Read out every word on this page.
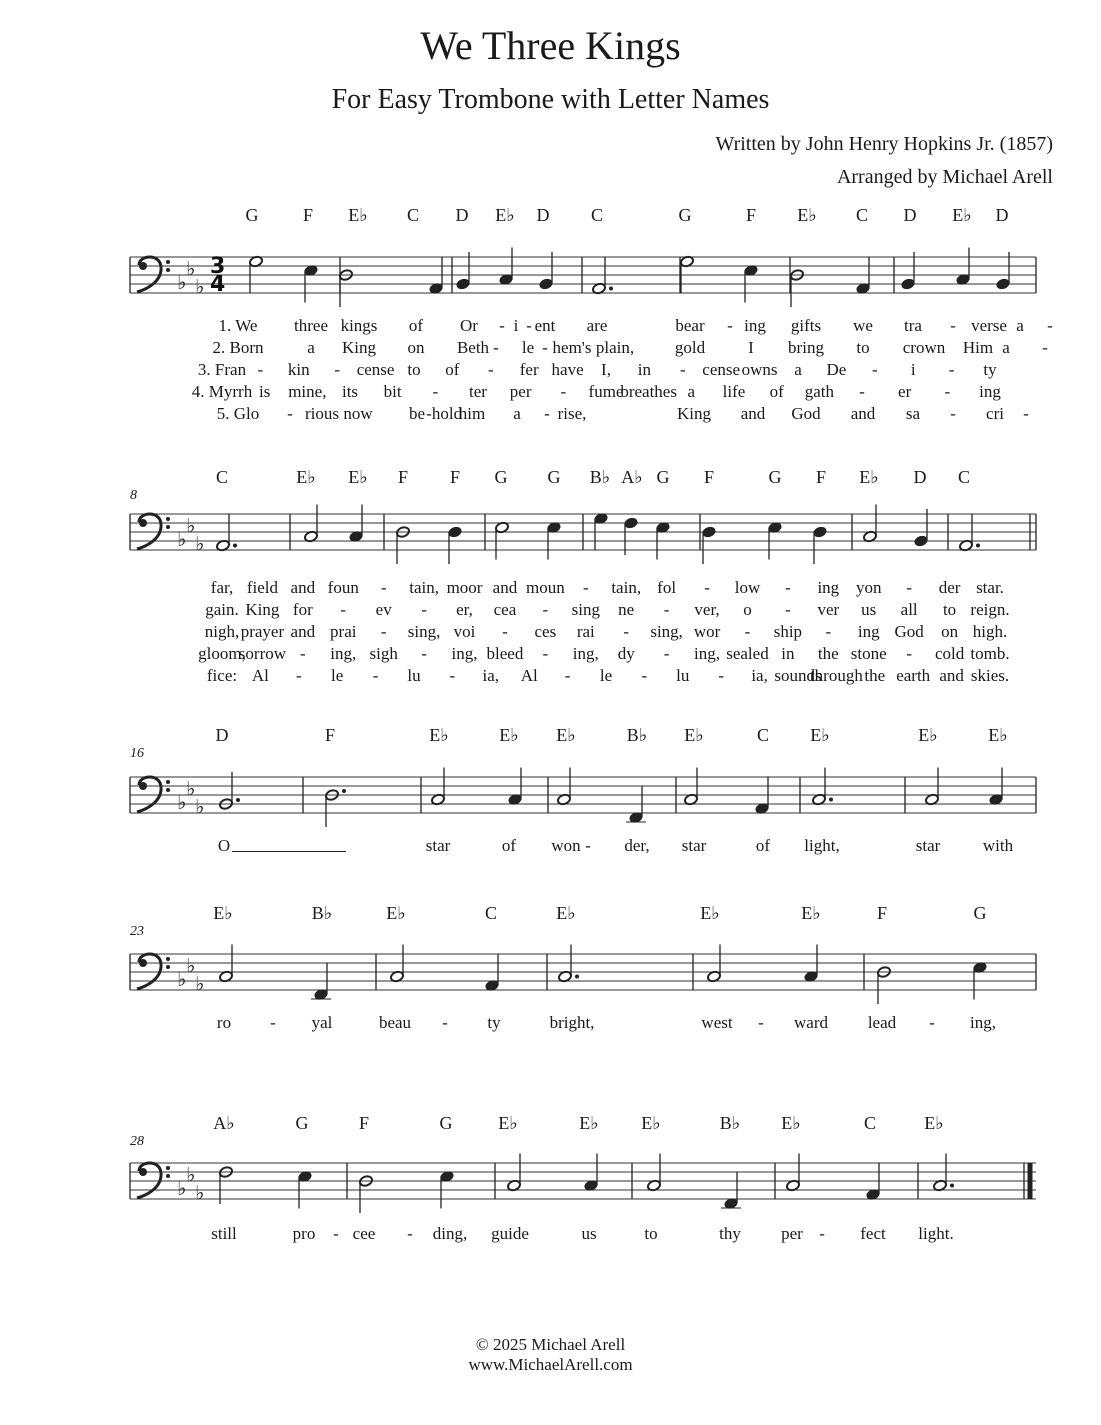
We Three Kings
For Easy Trombone with Letter Names
Written by John Henry Hopkins Jr. (1857)
Arranged by Michael Arell
G F E♭ C D E♭ D C	G	F E♭ C D E♭ D
♭
♭
♭
3
4
1. We three kings of Or - i - ent are	bear - ing gifts we tra - verse a -
2. Born	a King on Beth - le - hem's plain, gold	I bring to crown Him a -
3. Fran - kin - cense to of - fer have I, in - cense owns a De - i - ty
4. Myrrh is mine, its bit - ter per - fume
breathes a life of gath - er - ing
5. Glo - rious now be - hold
him a - rise,	King and God and sa - cri -
8
C	E♭ E♭ F F G G B♭ A♭ G F	G F E♭ D C
♭
♭
♭
far, field and foun - tain, moor and moun - tain, fol - low - ing yon - der star.
gain. King for - ev - er, cea - sing ne - ver, o - ver us all to reign.
nigh, prayer and prai - sing, voi - ces rai - sing, wor - ship - ing God on high.
gloom,
sorrow - ing, sigh - ing, bleed - ing, dy - ing, sealed in the stone - cold tomb.
fice: Al - le - lu - ia, Al - le - lu - ia, sounds
through the earth and skies.
16
D	F	E♭	E♭ E♭	B♭ E♭	C E♭	E♭	E♭
♭
♭
♭
O	star	of won - der, star	of light,	star	with
23
E♭	B♭	E♭	C	E♭	E♭	E♭	F	G
♭
♭
♭
ro - yal	beau - ty	bright,	west - ward lead - ing,
28
A♭	G	F	G	E♭	E♭ E♭	B♭ E♭	C	E♭
♭
♭
♭
still	pro - cee - ding, guide	us	to	thy per - fect light.
© 2025 Michael Arell
www.MichaelArell.com
